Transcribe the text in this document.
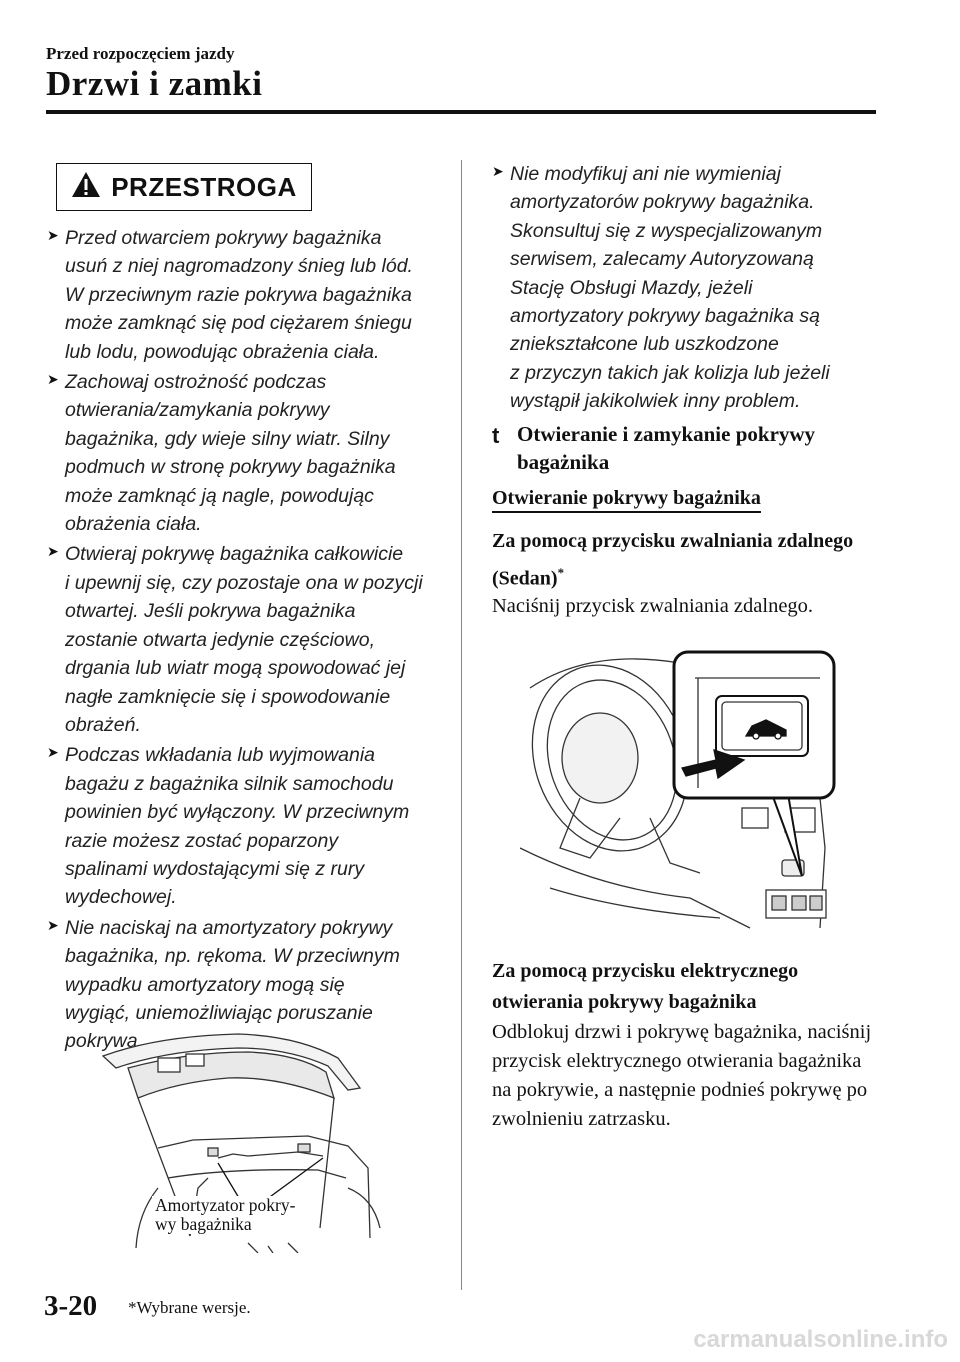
Przed rozpoczęciem jazdy
Drzwi i zamki
PRZESTROGA
➤ Przed otwarciem pokrywy bagażnika
usuń z niej nagromadzony śnieg lub lód.
W przeciwnym razie pokrywa bagażnika
może zamknąć się pod ciężarem śniegu
lub lodu, powodując obrażenia ciała.
➤ Zachowaj ostrożność podczas
otwierania/zamykania pokrywy
bagażnika, gdy wieje silny wiatr. Silny
podmuch w stronę pokrywy bagażnika
może zamknąć ją nagle, powodując
obrażenia ciała.
➤ Otwieraj pokrywę bagażnika całkowicie
i upewnij się, czy pozostaje ona w pozycji
otwartej. Jeśli pokrywa bagażnika
zostanie otwarta jedynie częściowo,
drgania lub wiatr mogą spowodować jej
nagłe zamknięcie się i spowodowanie
obrażeń.
➤ Podczas wkładania lub wyjmowania
bagażu z bagażnika silnik samochodu
powinien być wyłączony. W przeciwnym
razie możesz zostać poparzony
spalinami wydostającymi się z rury
wydechowej.
➤ Nie naciskaj na amortyzatory pokrywy
bagażnika, np. rękoma. W przeciwnym
wypadku amortyzatory mogą się
wygiąć, uniemożliwiając poruszanie
pokrywą.
➤ Nie modyfikuj ani nie wymieniaj
amortyzatorów pokrywy bagażnika.
Skonsultuj się z wyspecjalizowanym
serwisem, zalecamy Autoryzowaną
Stację Obsługi Mazdy, jeżeli
amortyzatory pokrywy bagażnika są
zniekształcone lub uszkodzone
z przyczyn takich jak kolizja lub jeżeli
wystąpił jakikolwiek inny problem.
Amortyzator pokry-
wy bagażnika
t Otwieranie i zamykanie pokrywy bagażnika
Otwieranie pokrywy bagażnika
Za pomocą przycisku zwalniania zdalnego (Sedan)*
Naciśnij przycisk zwalniania zdalnego.
Za pomocą przycisku elektrycznego otwierania pokrywy bagażnika
Odblokuj drzwi i pokrywę bagażnika, naciśnij przycisk elektrycznego otwierania bagażnika na pokrywie, a następnie podnieś pokrywę po zwolnieniu zatrzasku.
3-20 *Wybrane wersje.
carmanualsonline.info
